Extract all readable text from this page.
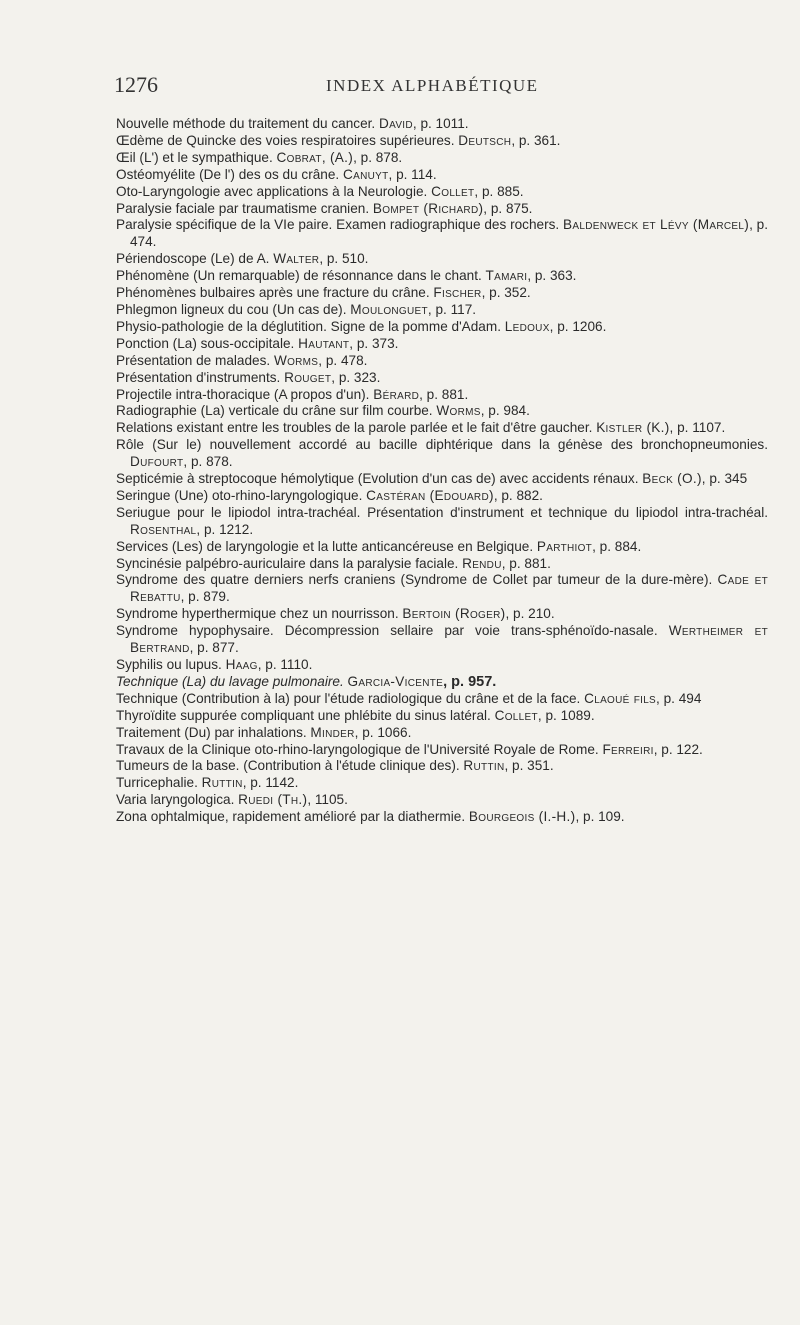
1276	INDEX ALPHABÉTIQUE
Nouvelle méthode du traitement du cancer. David, p. 1011.
Œdème de Quincke des voies respiratoires supérieures. Deutsch, p. 361.
Œil (L') et le sympathique. Cobrat, (A.), p. 878.
Ostéomyélite (De l') des os du crâne. Canuyt, p. 114.
Oto-Laryngologie avec applications à la Neurologie. Collet, p. 885.
Paralysie faciale par traumatisme cranien. Bompet (Richard), p. 875.
Paralysie spécifique de la VIe paire. Examen radiographique des rochers. Baldenweck et Lévy (Marcel), p. 474.
Périendoscope (Le) de A. Walter, p. 510.
Phénomène (Un remarquable) de résonnance dans le chant. Tamari, p. 363.
Phénomènes bulbaires après une fracture du crâne. Fischer, p. 352.
Phlegmon ligneux du cou (Un cas de). Moulonguet, p. 117.
Physio-pathologie de la déglutition. Signe de la pomme d'Adam. Ledoux, p. 1206.
Ponction (La) sous-occipitale. Hautant, p. 373.
Présentation de malades. Worms, p. 478.
Présentation d'instruments. Rouget, p. 323.
Projectile intra-thoracique (A propos d'un). Bérard, p. 881.
Radiographie (La) verticale du crâne sur film courbe. Worms, p. 984.
Relations existant entre les troubles de la parole parlée et le fait d'être gaucher. Kistler (K.), p. 1107.
Rôle (Sur le) nouvellement accordé au bacille diphtérique dans la génèse des bronchopneumonies. Dufourt, p. 878.
Septicémie à streptocoque hémolytique (Evolution d'un cas de) avec accidents rénaux. Beck (O.), p. 345
Seringue (Une) oto-rhino-laryngologique. Castéran (Edouard), p. 882.
Seriugue pour le lipiodol intra-trachéal. Présentation d'instrument et technique du lipiodol intra-trachéal. Rosenthal, p. 1212.
Services (Les) de laryngologie et la lutte anticancéreuse en Belgique. Parthiot, p. 884.
Syncinésie palpébro-auriculaire dans la paralysie faciale. Rendu, p. 881.
Syndrome des quatre derniers nerfs craniens (Syndrome de Collet par tumeur de la dure-mère). Cade et Rebattu, p. 879.
Syndrome hyperthermique chez un nourrisson. Bertoin (Roger), p. 210.
Syndrome hypophysaire. Décompression sellaire par voie trans-sphénoïdo-nasale. Wertheimer et Bertrand, p. 877.
Syphilis ou lupus. Haag, p. 1110.
Technique (La) du lavage pulmonaire. Garcia-Vicente, p. 957.
Technique (Contribution à la) pour l'étude radiologique du crâne et de la face. Claoué fils, p. 494
Thyroïdite suppurée compliquant une phlébite du sinus latéral. Collet, p. 1089.
Traitement (Du) par inhalations. Minder, p. 1066.
Travaux de la Clinique oto-rhino-laryngologique de l'Université Royale de Rome. Ferreiri, p. 122.
Tumeurs de la base. (Contribution à l'étude clinique des). Ruttin, p. 351.
Turricephalie. Ruttin, p. 1142.
Varia laryngologica. Ruedi (Th.), 1105.
Zona ophtalmique, rapidement amélioré par la diathermie. Bourgeois (I.-H.), p. 109.
